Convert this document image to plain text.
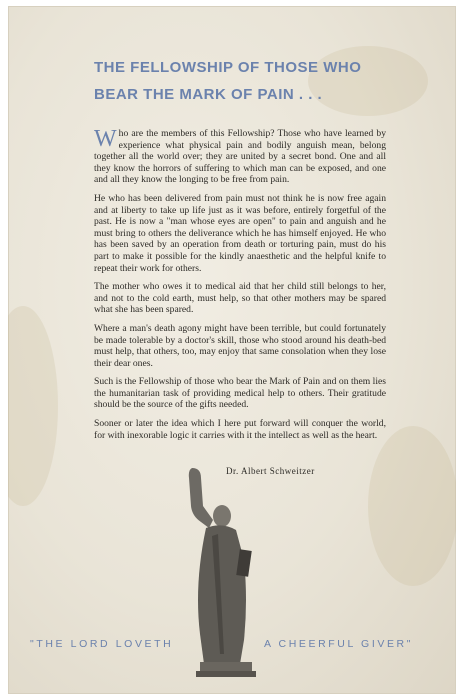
THE FELLOWSHIP OF THOSE WHO
BEAR THE MARK OF PAIN . . .

Who are the members of this Fellowship? Those who have learned by experience what physical pain and bodily anguish mean, belong together all the world over; they are united by a secret bond. One and all they know the horrors of suffering to which man can be exposed, and one and all they know the longing to be free from pain.

He who has been delivered from pain must not think he is now free again and at liberty to take up life just as it was before, entirely forgetful of the past. He is now a "man whose eyes are open" to pain and anguish and he must bring to others the deliverance which he has himself enjoyed. He who has been saved by an operation from death or torturing pain, must do his part to make it possible for the kindly anaesthetic and the helpful knife to repeat their work for others.

The mother who owes it to medical aid that her child still belongs to her, and not to the cold earth, must help, so that other mothers may be spared what she has been spared.

Where a man's death agony might have been terrible, but could fortunately be made tolerable by a doctor's skill, those who stood around his death-bed must help, that others, too, may enjoy that same consolation when they lose their dear ones.

Such is the Fellowship of those who bear the Mark of Pain and on them lies the humanitarian task of providing medical help to others. Their gratitude should be the source of the gifts needed.

Sooner or later the idea which I here put forward will conquer the world, for with inexorable logic it carries with it the intellect as well as the heart.

Dr. Albert Schweitzer
"THE LORD LOVETH	A CHEERFUL GIVER"
